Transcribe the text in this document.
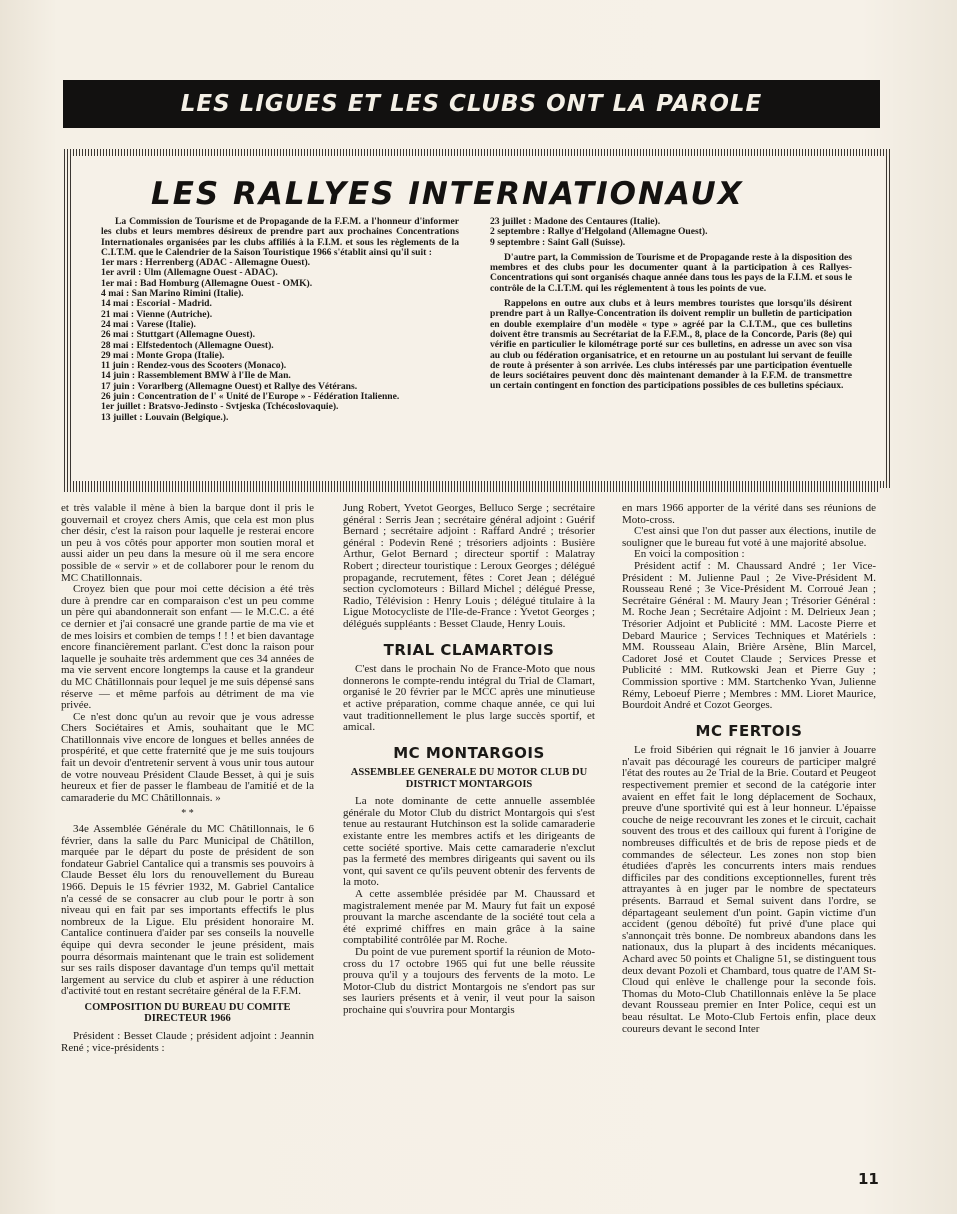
LES LIGUES ET LES CLUBS ONT LA PAROLE
LES RALLYES INTERNATIONAUX

La Commission de Tourisme et de Propagande de la F.F.M. a l'honneur d'informer les clubs et leurs membres désireux de prendre part aux prochaines Concentrations Internationales organisées par les clubs affiliés à la F.I.M. et sous les règlements de la C.I.T.M. que le Calendrier de la Saison Touristique 1966 s'établit ainsi qu'il suit :

1er mars : Herrenberg (ADAC - Allemagne Ouest).

1er avril : Ulm (Allemagne Ouest - ADAC).

1er mai : Bad Homburg (Allemagne Ouest - OMK).

4 mai : San Marino Rimini (Italie).

14 mai : Escorial - Madrid.

21 mai : Vienne (Autriche).

24 mai : Varese (Italie).

26 mai : Stuttgart (Allemagne Ouest).

28 mai : Elfstedentoch (Allemagne Ouest).

29 mai : Monte Gropa (Italie).

11 juin : Rendez-vous des Scooters (Monaco).

14 juin : Rassemblement BMW à l'Ile de Man.

17 juin : Vorarlberg (Allemagne Ouest) et Rallye des Vétérans.

26 juin : Concentration de l' « Unité de l'Europe » - Fédération Italienne.

1er juillet : Bratsvo-Jedinsto - Svtjeska (Tchécoslovaquie).

13 juillet : Louvain (Belgique.).

23 juillet : Madone des Centaures (Italie).

2 septembre : Rallye d'Helgoland (Allemagne Ouest).

9 septembre : Saint Gall (Suisse).

D'autre part, la Commission de Tourisme et de Propagande reste à la disposition des membres et des clubs pour les documenter quant à la participation à ces Rallyes-Concentrations qui sont organisés chaque année dans tous les pays de la F.I.M. et sous le contrôle de la C.I.T.M. qui les réglementent à tous les points de vue.

Rappelons en outre aux clubs et à leurs membres touristes que lorsqu'ils désirent prendre part à un Rallye-Concentration ils doivent remplir un bulletin de participation en double exemplaire d'un modèle « type » agréé par la C.I.T.M., que ces bulletins doivent être transmis au Secrétariat de la F.F.M., 8, place de la Concorde, Paris (8e) qui vérifie en particulier le kilométrage porté sur ces bulletins, en adresse un avec son visa au club ou fédération organisatrice, et en retourne un au postulant lui servant de feuille de route à présenter à son arrivée. Les clubs intéressés par une participation éventuelle de leurs sociétaires peuvent donc dès maintenant demander à la F.F.M. de transmettre un certain contingent en fonction des participations possibles de ces bulletins spéciaux.

et très valable il mène à bien la barque dont il pris le gouvernail et croyez chers Amis, que cela est mon plus cher désir, c'est la raison pour laquelle je resterai encore un peu à vos côtés pour apporter mon soutien moral et aussi aider un peu dans la mesure où il me sera encore possible de « servir » et de collaborer pour le renom du MC Chatillonnais.

Croyez bien que pour moi cette décision a été très dure à prendre car en comparaison c'est un peu comme un père qui abandonnerait son enfant — le M.C.C. a été ce dernier et j'ai consacré une grande partie de ma vie et de mes loisirs et combien de temps ! ! ! et bien davantage encore financièrement parlant. C'est donc la raison pour laquelle je souhaite très ardemment que ces 34 années de ma vie servent encore longtemps la cause et la grandeur du MC Châtillonnais pour lequel je me suis dépensé sans réserve — et même parfois au détriment de ma vie privée.

Ce n'est donc qu'un au revoir que je vous adresse Chers Sociétaires et Amis, souhaitant que le MC Chatillonnais vive encore de longues et belles années de prospérité, et que cette fraternité que je me suis toujours fait un devoir d'entretenir servent à vous unir tous autour de votre nouveau Président Claude Besset, à qui je suis heureux et fier de passer le flambeau de l'amitié et de la camaraderie du MC Châtillonnais. »

* *

34e Assemblée Générale du MC Châtillonnais, le 6 février, dans la salle du Parc Municipal de Châtillon, marquée par le départ du poste de président de son fondateur Gabriel Cantalice qui a transmis ses pouvoirs à Claude Besset élu lors du renouvellement du Bureau 1966. Depuis le 15 février 1932, M. Gabriel Cantalice n'a cessé de se consacrer au club pour le portr à son niveau qui en fait par ses importants effectifs le plus nombreux de la Ligue. Elu président honoraire M. Cantalice continuera d'aider par ses conseils la nouvelle équipe qui devra seconder le jeune président, mais pourra désormais maintenant que le train est solidement sur ses rails disposer davantage d'un temps qu'il mettait largement au service du club et aspirer à une réduction d'activité tout en restant secrétaire général de la F.F.M.

COMPOSITION DU BUREAU DU COMITE DIRECTEUR 1966

Président : Besset Claude ; président adjoint : Jeannin René ; vice-présidents :

Jung Robert, Yvetot Georges, Belluco Serge ; secrétaire général : Serris Jean ; secrétaire général adjoint : Guérif Bernard ; secrétaire adjoint : Raffard André ; trésorier général : Podevin René ; trésoriers adjoints : Busière Arthur, Gelot Bernard ; directeur sportif : Malatray Robert ; directeur touristique : Leroux Georges ; délégué propagande, recrutement, fêtes : Coret Jean ; délégué section cyclomoteurs : Billard Michel ; délégué Presse, Radio, Télévision : Henry Louis ; délégué titulaire à la Ligue Motocycliste de l'Ile-de-France : Yvetot Georges ; délégués suppléants : Besset Claude, Henry Louis.

TRIAL CLAMARTOIS

C'est dans le prochain No de France-Moto que nous donnerons le compte-rendu intégral du Trial de Clamart, organisé le 20 février par le MCC après une minutieuse et active préparation, comme chaque année, ce qui lui vaut traditionnellement le plus large succès sportif, et amical.

MC MONTARGOIS
ASSEMBLEE GENERALE DU MOTOR CLUB DU DISTRICT MONTARGOIS

La note dominante de cette annuelle assemblée générale du Motor Club du district Montargois qui s'est tenue au restaurant Hutchinson est la solide camaraderie existante entre les membres actifs et les dirigeants de cette société sportive. Mais cette camaraderie n'exclut pas la fermeté des membres dirigeants qui savent ou ils vont, qui savent ce qu'ils peuvent obtenir des fervents de la moto.

A cette assemblée présidée par M. Chaussard et magistralement menée par M. Maury fut fait un exposé prouvant la marche ascendante de la société tout cela a été exprimé chiffres en main grâce à la saine comptabilité contrôlée par M. Roche.

Du point de vue purement sportif la réunion de Moto-cross du 17 octobre 1965 qui fut une belle réussite prouva qu'il y a toujours des fervents de la moto. Le Motor-Club du district Montargois ne s'endort pas sur ses lauriers présents et à venir, il veut pour la saison prochaine qui s'ouvrira pour Montargis

en mars 1966 apporter de la vérité dans ses réunions de Moto-cross.

C'est ainsi que l'on dut passer aux élections, inutile de souligner que le bureau fut voté à une majorité absolue.

En voici la composition :

Président actif : M. Chaussard André ; 1er Vice-Président : M. Julienne Paul ; 2e Vive-Président M. Rousseau René ; 3e Vice-Président M. Corroué Jean ; Secrétaire Général : M. Maury Jean ; Trésorier Général : M. Roche Jean ; Secrétaire Adjoint : M. Delrieux Jean ; Trésorier Adjoint et Publicité : MM. Lacoste Pierre et Debard Maurice ; Services Techniques et Matériels : MM. Rousseau Alain, Brière Arsène, Blin Marcel, Cadoret José et Coutet Claude ; Services Presse et Publicité : MM. Rutkowski Jean et Pierre Guy ; Commission sportive : MM. Startchenko Yvan, Julienne Rémy, Leboeuf Pierre ; Membres : MM. Lioret Maurice, Bourdoit André et Cozot Georges.

MC FERTOIS

Le froid Sibérien qui régnait le 16 janvier à Jouarre n'avait pas découragé les coureurs de participer malgré l'état des routes au 2e Trial de la Brie. Coutard et Peugeot respectivement premier et second de la catégorie inter avaient en effet fait le long déplacement de Sochaux, preuve d'une sportivité qui est à leur honneur. L'épaisse couche de neige recouvrant les zones et le circuit, cachait souvent des trous et des cailloux qui furent à l'origine de nombreuses difficultés et de bris de repose pieds et de commandes de sélecteur. Les zones non stop bien étudiées d'après les concurrents inters mais rendues difficiles par des conditions exceptionnelles, furent très attrayantes à en juger par le nombre de spectateurs présents. Barraud et Semal suivent dans l'ordre, se départageant seulement d'un point. Gapin victime d'un accident (genou déboîté) fut privé d'une place qui s'annonçait très bonne. De nombreux abandons dans les nationaux, dus la plupart à des incidents mécaniques. Achard avec 50 points et Chaligne 51, se distinguent tous deux devant Pozoli et Chambard, tous quatre de l'AM St-Cloud qui enlève le challenge pour la seconde fois. Thomas du Moto-Club Chatillonnais enlève la 5e place devant Rousseau premier en Inter Police, cequi est un beau résultat. Le Moto-Club Fertois enfin, place deux coureurs devant le second Inter

11
